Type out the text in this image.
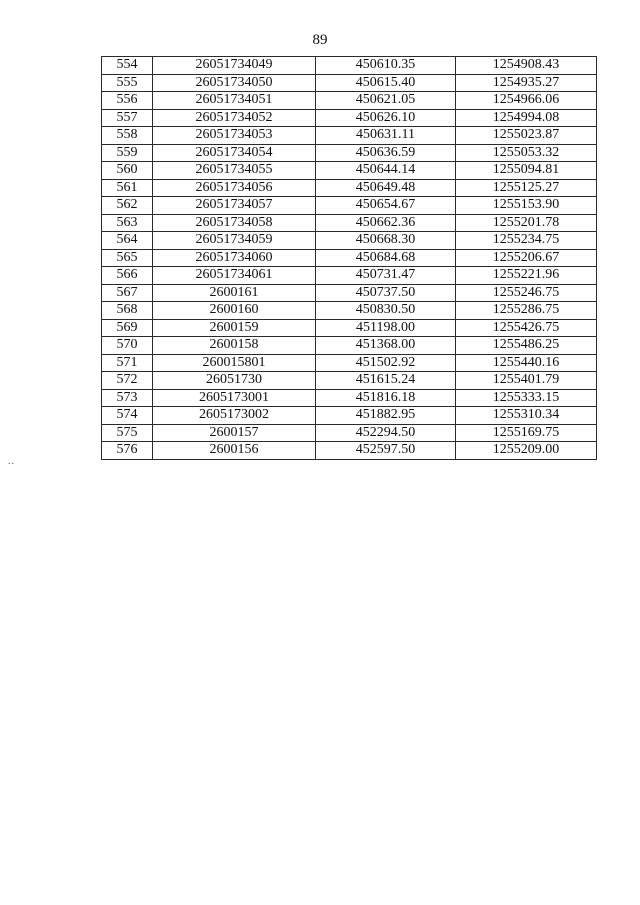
89
..
554	26051734049	450610.35	1254908.43
555	26051734050	450615.40	1254935.27
556	26051734051	450621.05	1254966.06
557	26051734052	450626.10	1254994.08
558	26051734053	450631.11	1255023.87
559	26051734054	450636.59	1255053.32
560	26051734055	450644.14	1255094.81
561	26051734056	450649.48	1255125.27
562	26051734057	450654.67	1255153.90
563	26051734058	450662.36	1255201.78
564	26051734059	450668.30	1255234.75
565	26051734060	450684.68	1255206.67
566	26051734061	450731.47	1255221.96
567	2600161	450737.50	1255246.75
568	2600160	450830.50	1255286.75
569	2600159	451198.00	1255426.75
570	2600158	451368.00	1255486.25
571	260015801	451502.92	1255440.16
572	26051730	451615.24	1255401.79
573	2605173001	451816.18	1255333.15
574	2605173002	451882.95	1255310.34
575	2600157	452294.50	1255169.75
576	2600156	452597.50	1255209.00
